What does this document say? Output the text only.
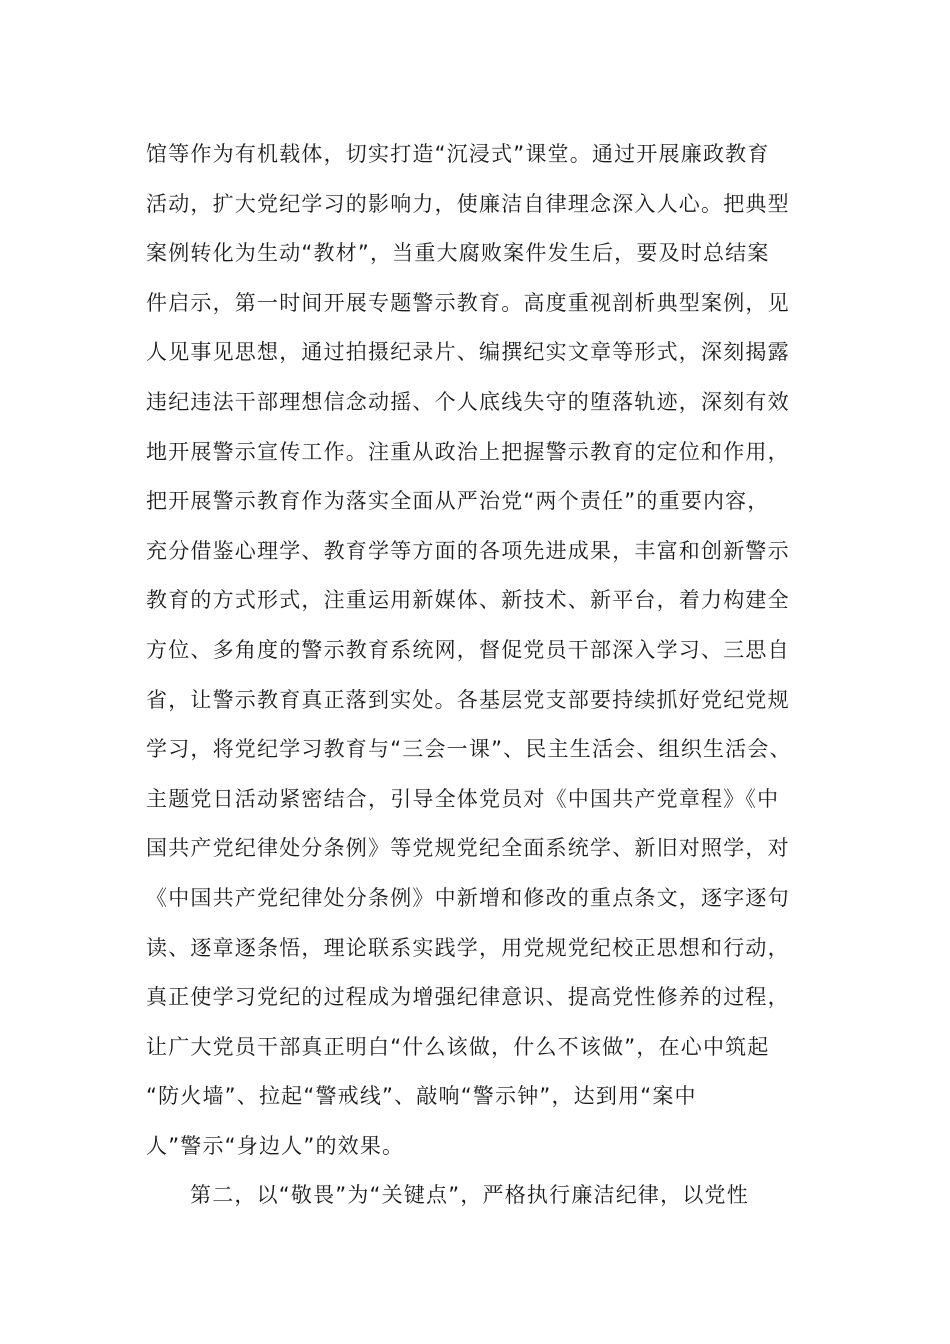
馆等作为有机载体，切实打造“沉浸式”课堂。通过开展廉政教育
活动，扩大党纪学习的影响力，使廉洁自律理念深入人心。把典型
案例转化为生动“教材”，当重大腐败案件发生后，要及时总结案
件启示，第一时间开展专题警示教育。高度重视剖析典型案例，见
人见事见思想，通过拍摄纪录片、编撰纪实文章等形式，深刻揭露
违纪违法干部理想信念动摇、个人底线失守的堕落轨迹，深刻有效
地开展警示宣传工作。注重从政治上把握警示教育的定位和作用，
把开展警示教育作为落实全面从严治党“两个责任”的重要内容，
充分借鉴心理学、教育学等方面的各项先进成果，丰富和创新警示
教育的方式形式，注重运用新媒体、新技术、新平台，着力构建全
方位、多角度的警示教育系统网，督促党员干部深入学习、三思自
省，让警示教育真正落到实处。各基层党支部要持续抓好党纪党规
学习，将党纪学习教育与“三会一课”、民主生活会、组织生活会、
主题党日活动紧密结合，引导全体党员对《中国共产党章程》《中
国共产党纪律处分条例》等党规党纪全面系统学、新旧对照学，对
《中国共产党纪律处分条例》中新增和修改的重点条文，逐字逐句
读、逐章逐条悟，理论联系实践学，用党规党纪校正思想和行动，
真正使学习党纪的过程成为增强纪律意识、提高党性修养的过程，
让广大党员干部真正明白“什么该做，什么不该做”，在心中筑起
“防火墙”、拉起“警戒线”、敲响“警示钟”，达到用“案中
人”警示“身边人”的效果。
第二，以“敬畏”为“关键点”，严格执行廉洁纪律，以党性
